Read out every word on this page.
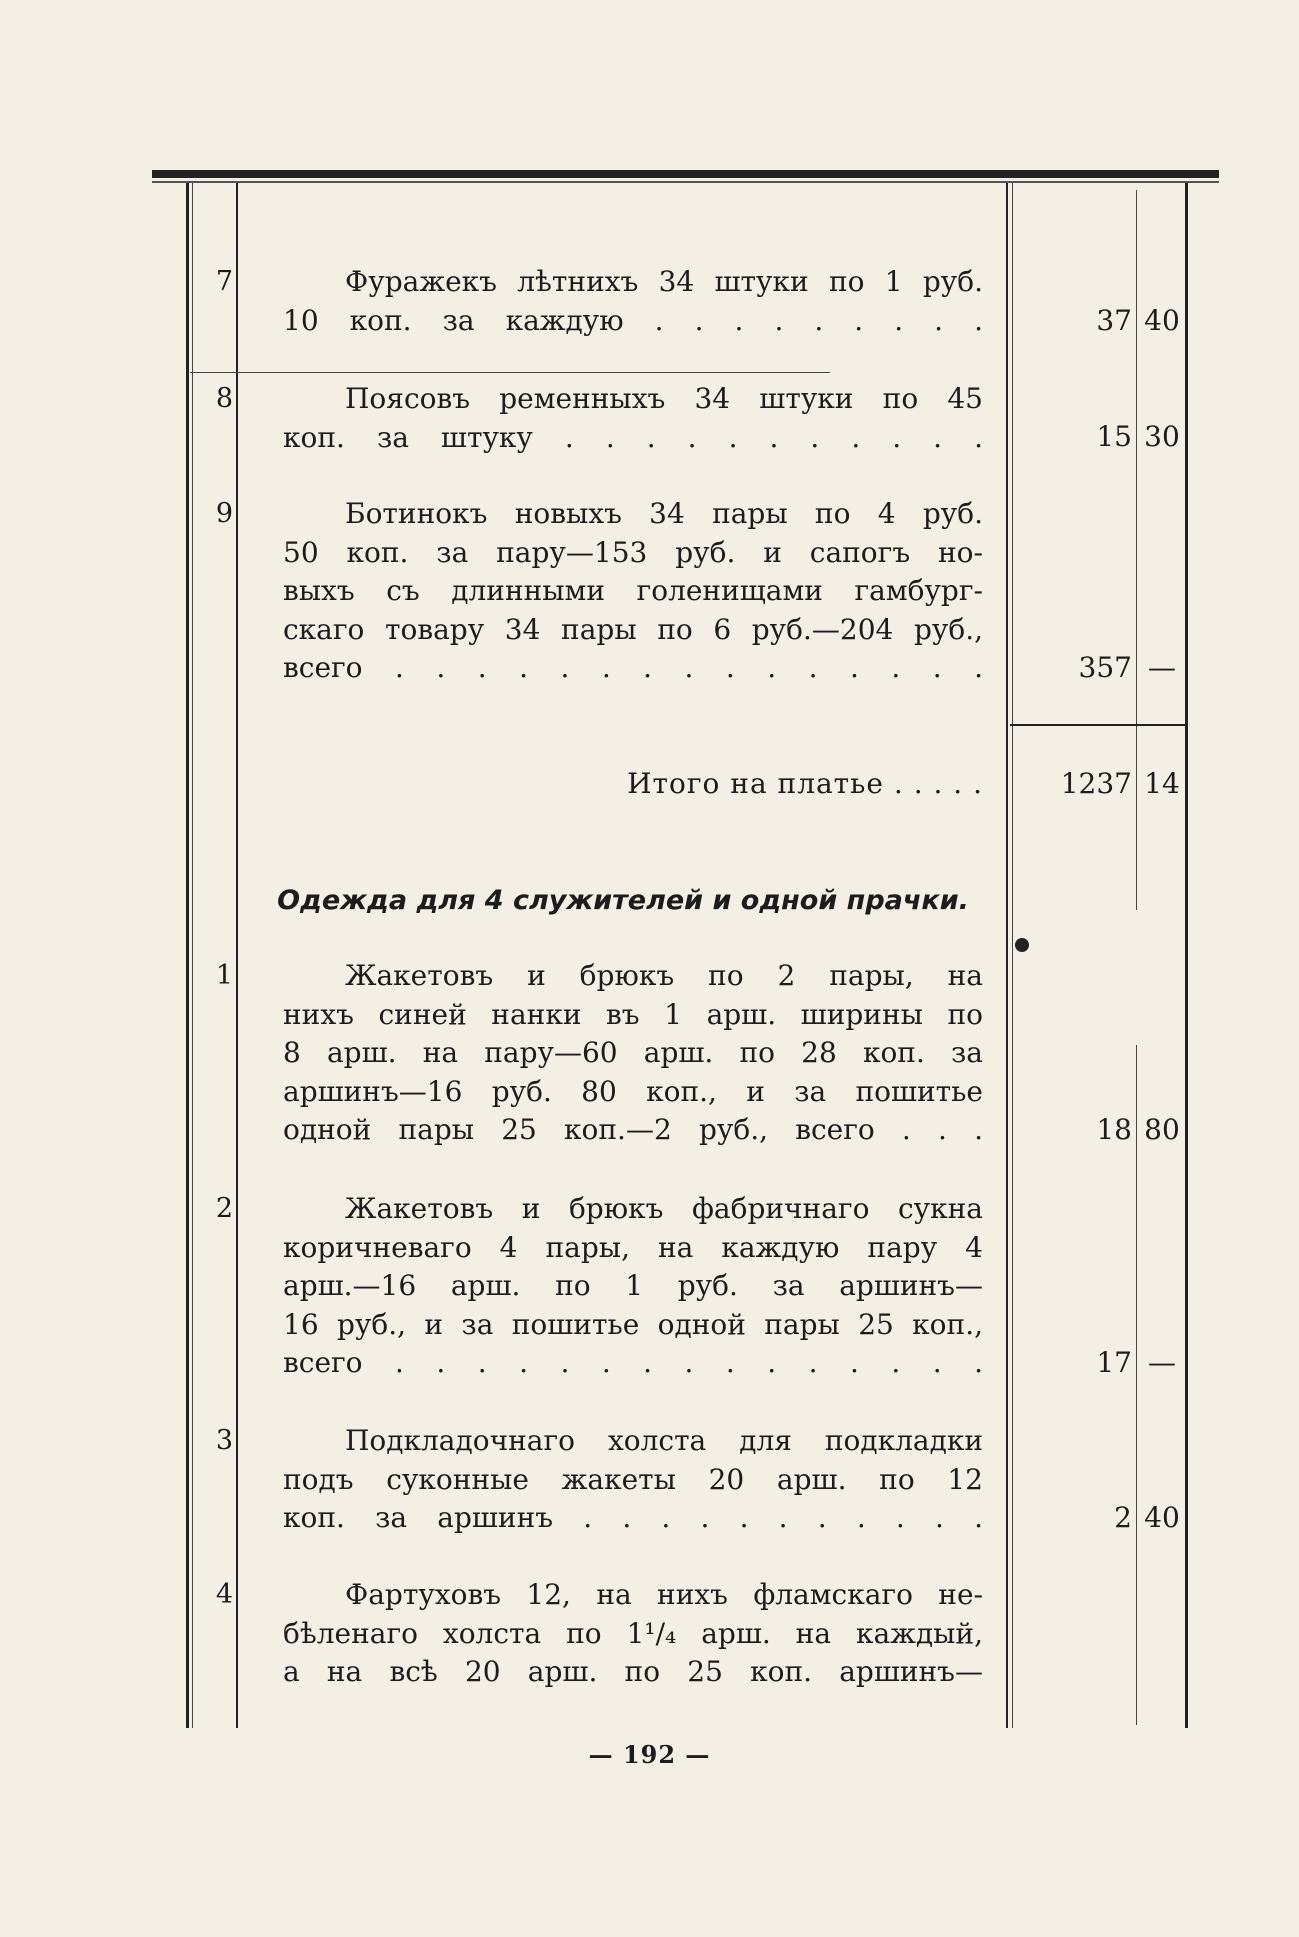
7	Фуражекъ лѣтнихъ 34 штуки по 1 руб.
10 коп. за каждую . . . . . . . . .	37 40
8	Поясовъ ременныхъ 34 штуки по 45
коп. за штуку . . . . . . . . . . .	15 30
9	Ботинокъ новыхъ 34 пары по 4 руб.
50 коп. за пару—153 руб. и сапогъ но-
выхъ съ длинными голенищами гамбург-
скаго товару 34 пары по 6 руб.—204 руб.,
всего . . . . . . . . . . . . . . .	357 —
Итого на платье . . . . .	1237 14
Одежда для 4 служителей и одной прачки.
1	Жакетовъ и брюкъ по 2 пары, на
нихъ синей нанки въ 1 арш. ширины по
8 арш. на пару—60 арш. по 28 коп. за
аршинъ—16 руб. 80 коп., и за пошитье
одной пары 25 коп.—2 руб., всего . . .	18 80
2	Жакетовъ и брюкъ фабричнаго сукна
коричневаго 4 пары, на каждую пару 4
арш.—16 арш. по 1 руб. за аршинъ—
16 руб., и за пошитье одной пары 25 коп.,
всего . . . . . . . . . . . . . . .	17 —
3	Подкладочнаго холста для подкладки
подъ суконные жакеты 20 арш. по 12
коп. за аршинъ . . . . . . . . . . .	2 40
4	Фартуховъ 12, на нихъ фламскаго не-
бѣленаго холста по 1¹/₄ арш. на каждый,
а на всѣ 20 арш. по 25 коп. аршинъ—
— 192 —
